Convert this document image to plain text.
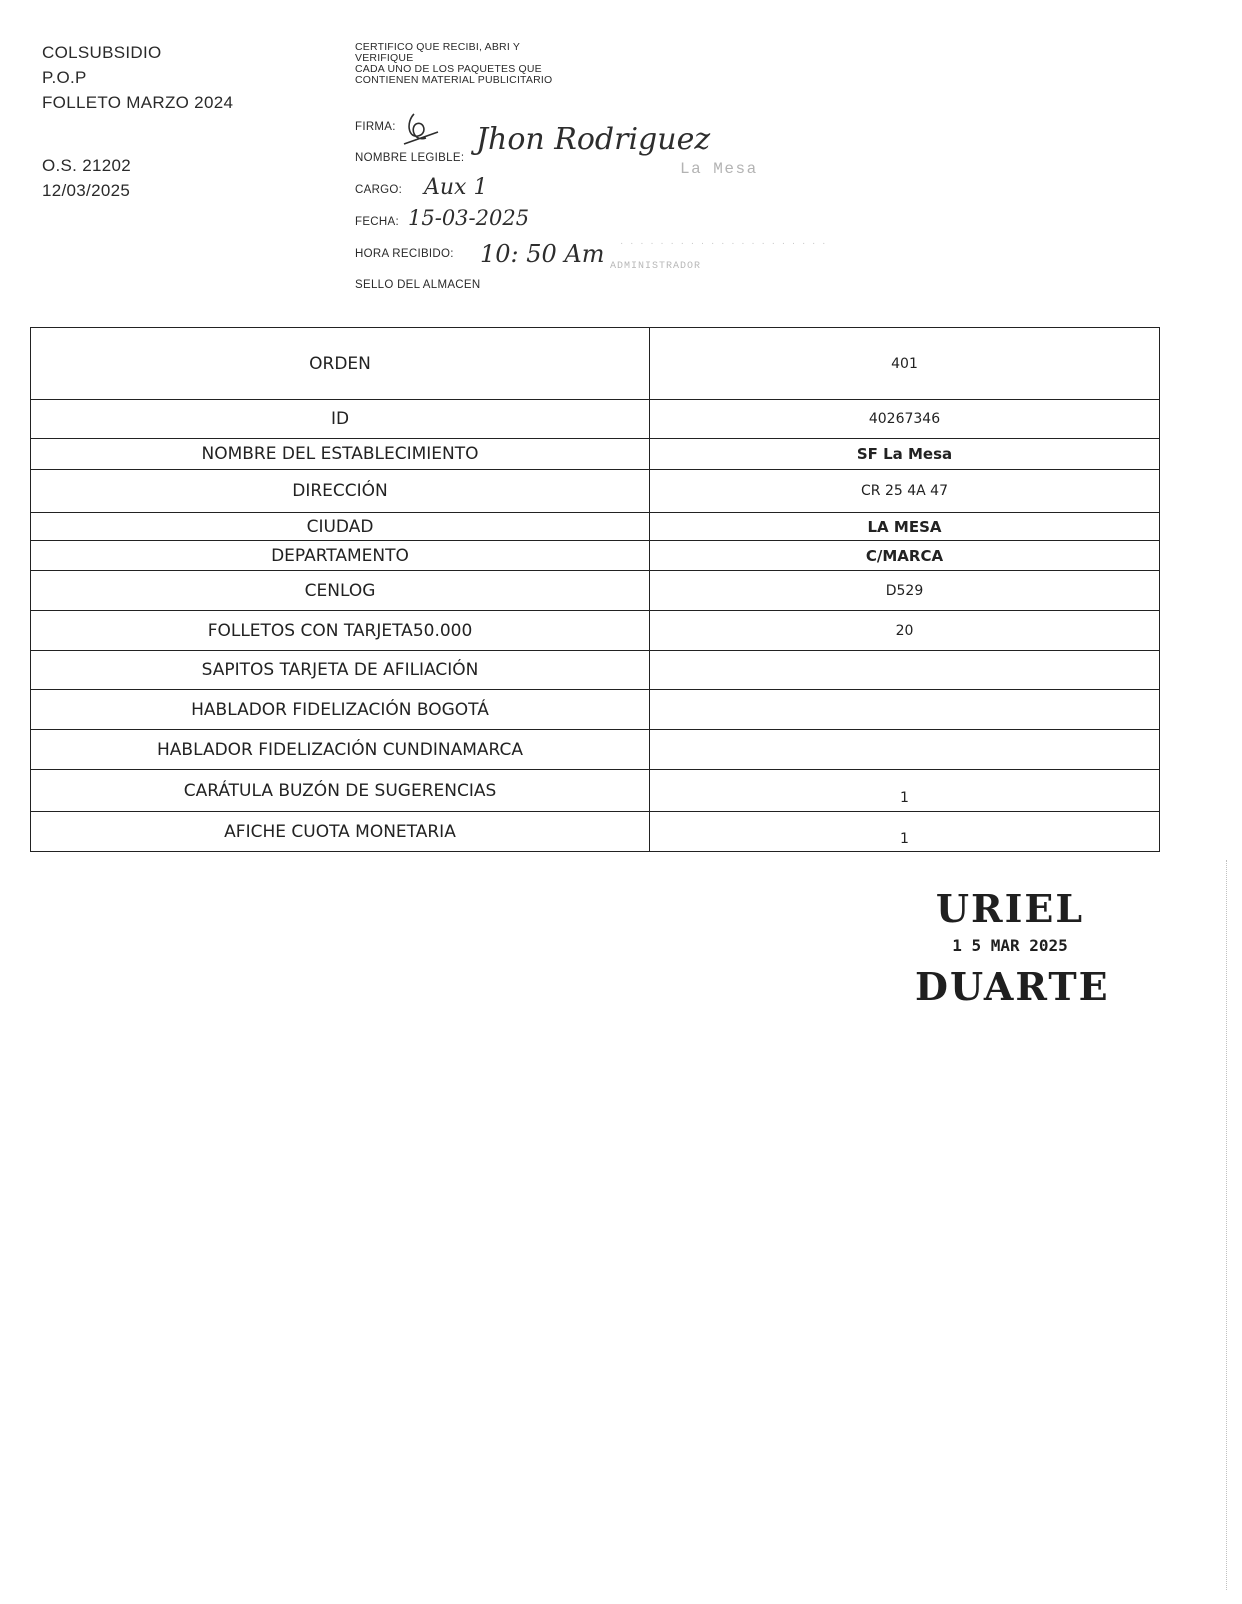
COLSUBSIDIO
P.O.P
FOLLETO MARZO 2024
O.S. 21202
12/03/2025
CERTIFICO QUE RECIBI, ABRI Y
VERIFIQUE
CADA UNO DE LOS PAQUETES QUE
CONTIENEN MATERIAL PUBLICITARIO
FIRMA:
NOMBRE LEGIBLE:
Jhon Rodriguez
La Mesa
CARGO: Aux 1
FECHA: 15-03-2025
HORA RECIBIDO: 10: 50 Am · · · · · · · · · · · · · · · · · · · · ·
ADMINISTRADOR
SELLO DEL ALMACEN
ORDEN	401
ID	40267346
NOMBRE DEL ESTABLECIMIENTO	SF La Mesa
DIRECCIÓN	CR 25 4A 47
CIUDAD	LA MESA
DEPARTAMENTO	C/MARCA
CENLOG	D529
FOLLETOS CON TARJETA50.000	20
SAPITOS TARJETA DE AFILIACIÓN	
HABLADOR FIDELIZACIÓN BOGOTÁ	
HABLADOR FIDELIZACIÓN CUNDINAMARCA	
CARÁTULA BUZÓN DE SUGERENCIAS	1
AFICHE CUOTA MONETARIA	1
URIEL
1 5 MAR 2025
DUARTE
